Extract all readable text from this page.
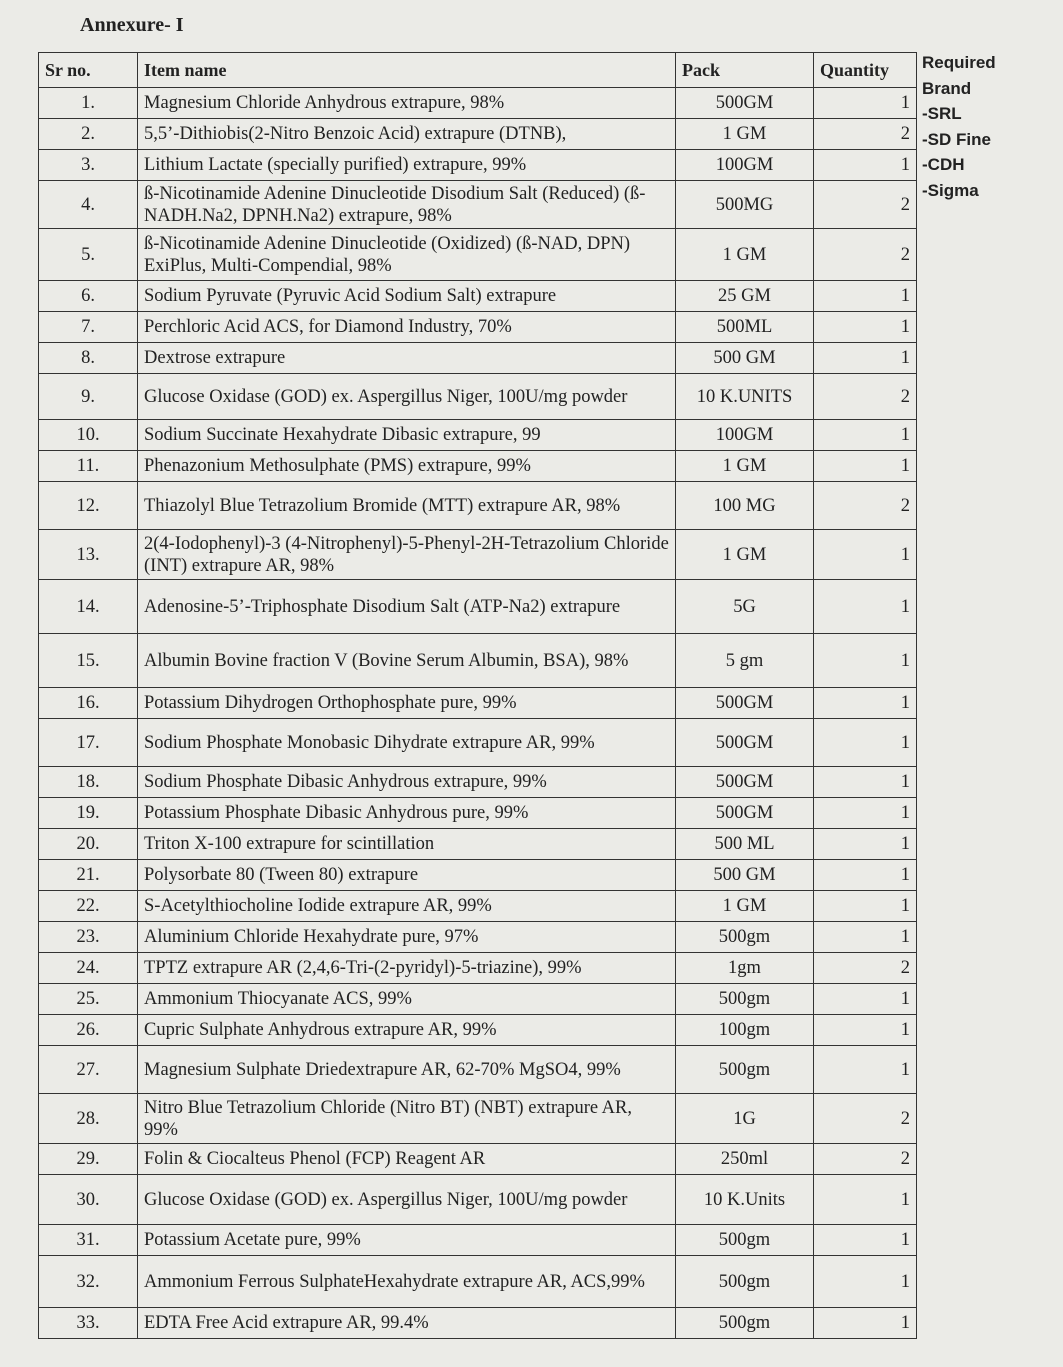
Annexure- I
Sr no.	Item name	Pack	Quantity
1.	Magnesium Chloride Anhydrous extrapure, 98%	500GM	1
2.	5,5’-Dithiobis(2-Nitro Benzoic Acid) extrapure (DTNB),	1 GM	2
3.	Lithium Lactate (specially purified) extrapure, 99%	100GM	1
4.	ß-Nicotinamide Adenine Dinucleotide Disodium Salt (Reduced) (ß-NADH.Na2, DPNH.Na2) extrapure, 98%	500MG	2
5.	ß-Nicotinamide Adenine Dinucleotide (Oxidized) (ß-NAD, DPN) ExiPlus, Multi-Compendial, 98%	1 GM	2
6.	Sodium Pyruvate (Pyruvic Acid Sodium Salt) extrapure	25 GM	1
7.	Perchloric Acid ACS, for Diamond Industry, 70%	500ML	1
8.	Dextrose extrapure	500 GM	1
9.	Glucose Oxidase (GOD) ex. Aspergillus Niger, 100U/mg powder	10 K.UNITS	2
10.	Sodium Succinate Hexahydrate Dibasic extrapure, 99	100GM	1
11.	Phenazonium Methosulphate (PMS) extrapure, 99%	1 GM	1
12.	Thiazolyl Blue Tetrazolium Bromide (MTT) extrapure AR, 98%	100 MG	2
13.	2(4-Iodophenyl)-3 (4-Nitrophenyl)-5-Phenyl-2H-Tetrazolium Chloride (INT) extrapure AR, 98%	1 GM	1
14.	Adenosine-5’-Triphosphate Disodium Salt (ATP-Na2) extrapure	5G	1
15.	Albumin Bovine fraction V (Bovine Serum Albumin, BSA), 98%	5 gm	1
16.	Potassium Dihydrogen Orthophosphate pure, 99%	500GM	1
17.	Sodium Phosphate Monobasic Dihydrate extrapure AR, 99%	500GM	1
18.	Sodium Phosphate Dibasic Anhydrous extrapure, 99%	500GM	1
19.	Potassium Phosphate Dibasic Anhydrous pure, 99%	500GM	1
20.	Triton X-100 extrapure for scintillation	500 ML	1
21.	Polysorbate 80 (Tween 80) extrapure	500 GM	1
22.	S-Acetylthiocholine Iodide extrapure AR, 99%	1 GM	1
23.	Aluminium Chloride Hexahydrate pure, 97%	500gm	1
24.	TPTZ extrapure AR (2,4,6-Tri-(2-pyridyl)-5-triazine), 99%	1gm	2
25.	Ammonium Thiocyanate ACS, 99%	500gm	1
26.	Cupric Sulphate Anhydrous extrapure AR, 99%	100gm	1
27.	Magnesium Sulphate Driedextrapure AR, 62-70% MgSO4, 99%	500gm	1
28.	Nitro Blue Tetrazolium Chloride (Nitro BT) (NBT) extrapure AR, 99%	1G	2
29.	Folin & Ciocalteus Phenol (FCP) Reagent AR	250ml	2
30.	Glucose Oxidase (GOD) ex. Aspergillus Niger, 100U/mg powder	10 K.Units	1
31.	Potassium Acetate pure, 99%	500gm	1
32.	Ammonium Ferrous SulphateHexahydrate extrapure AR, ACS,99%	500gm	1
33.	EDTA Free Acid extrapure AR, 99.4%	500gm	1
Required
Brand
-SRL
-SD Fine
-CDH
-Sigma
